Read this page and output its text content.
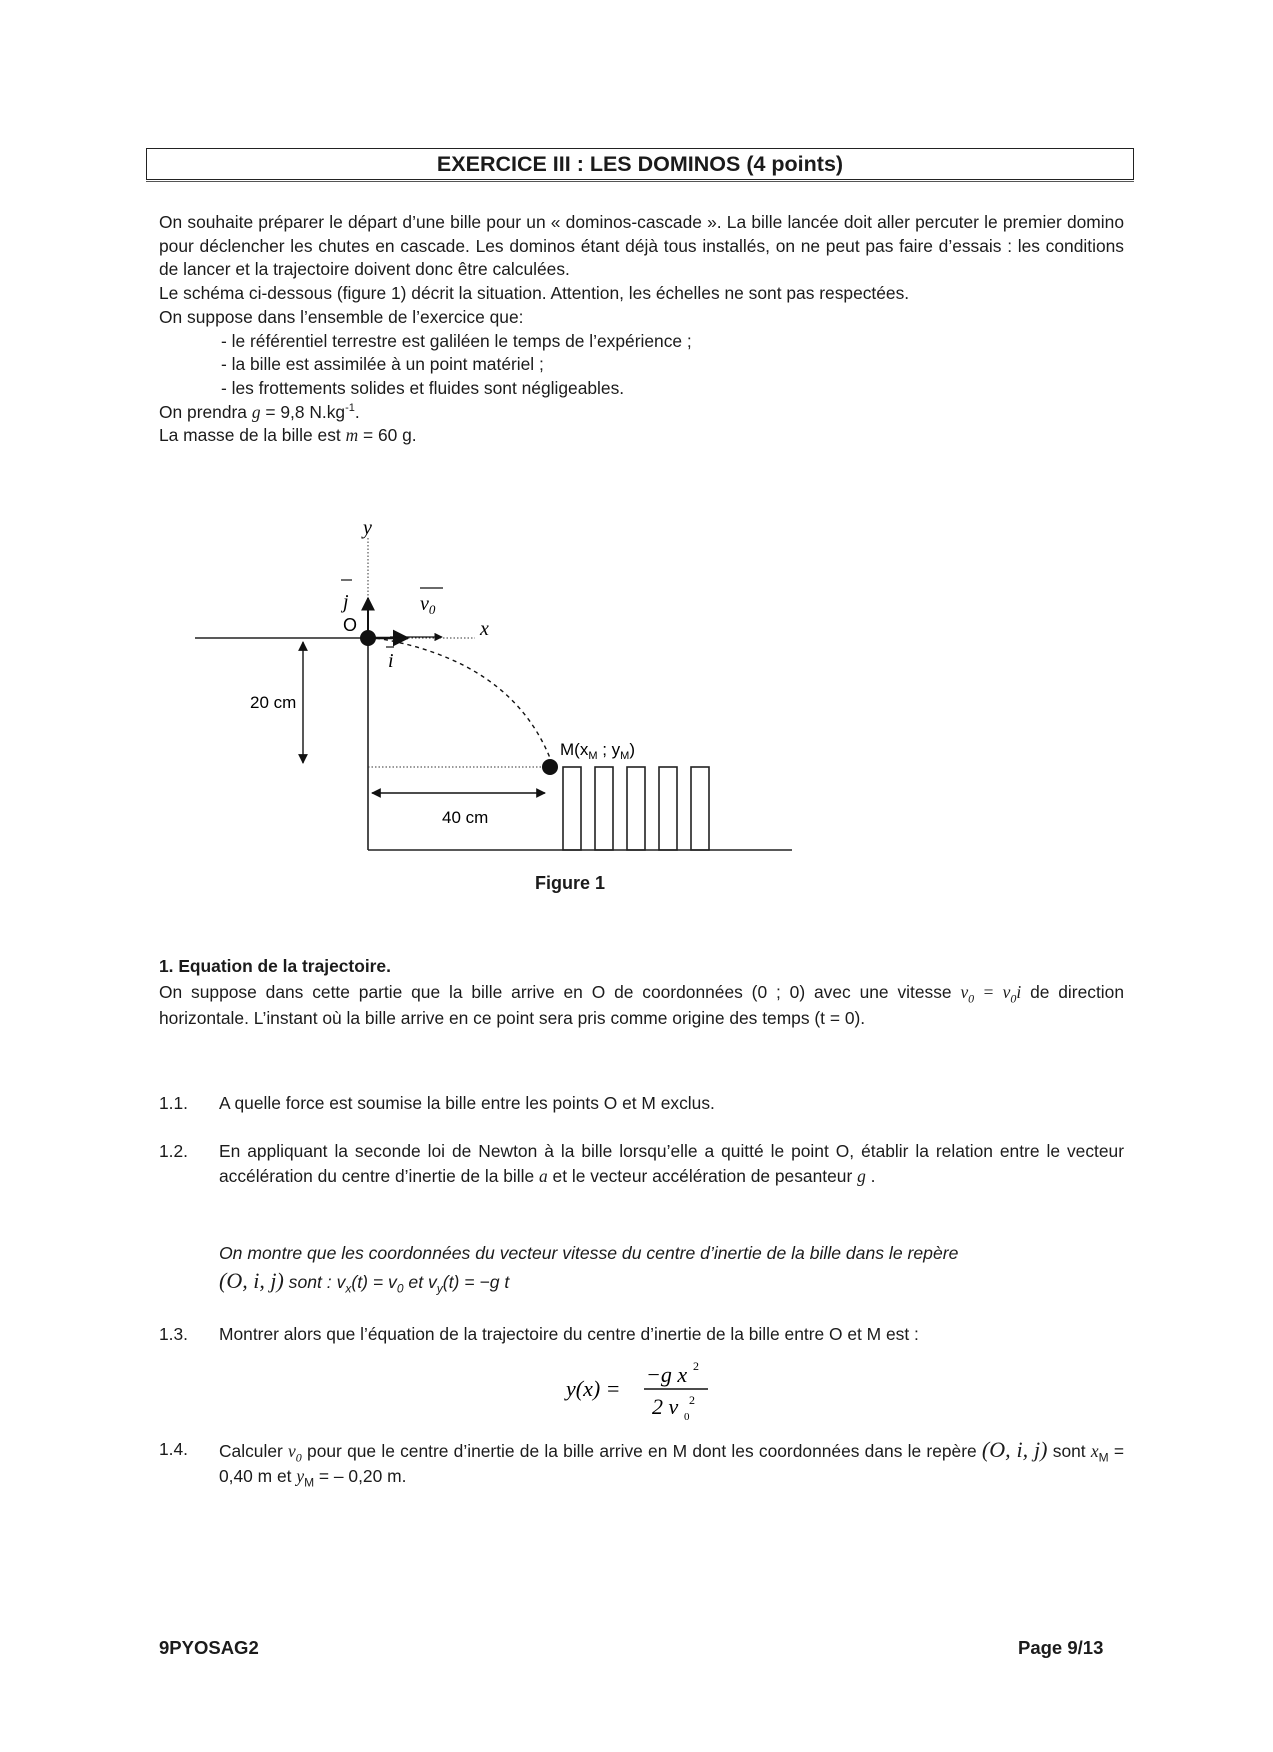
EXERCICE III : LES DOMINOS (4 points)

On souhaite préparer le départ d’une bille pour un « dominos-cascade ». La bille lancée doit aller percuter le premier domino pour déclencher les chutes en cascade. Les dominos étant déjà tous installés, on ne peut pas faire d’essais : les conditions de lancer et la trajectoire doivent donc être calculées.

Le schéma ci-dessous (figure 1) décrit la situation. Attention, les échelles ne sont pas respectées.

On suppose dans l’ensemble de l’exercice que:

- le référentiel terrestre est galiléen le temps de l’expérience ;

- la bille est assimilée à un point matériel ;

- les frottements solides et fluides sont négligeables.

On prendra g = 9,8 $N.kg^{-1}$.

La masse de la bille est m = 60 g.

y
x
j
O
i
$v_0$
20 cm
40 cm
$M(x_M$ ; $y_M$)
Figure 1
1. Equation de la trajectoire.

On suppose dans cette partie que la bille arrive en O de coordonnées (0 ; 0) avec une vitesse $v_0 = v_0i$ de direction horizontale. L’instant où la bille arrive en ce point sera pris comme origine des temps (t = 0).

1.1. A quelle force est soumise la bille entre les points O et M exclus.
1.2. En appliquant la seconde loi de Newton à la bille lorsqu’elle a quitté le point O, établir la relation entre le vecteur accélération du centre d’inertie de la bille a et le vecteur accélération de pesanteur g .
On montre que les coordonnées du vecteur vitesse du centre d’inertie de la bille dans le repère
(O, i, j) sont : $v_x(t) = v_0$ et $v_y(t) = -g$ t
1.3. Montrer alors que l’équation de la trajectoire du centre d’inertie de la bille entre O et M est :
y(x) =
−g x 2
2 v 0
2
1.4. Calculer $v_0$ pour que le centre d’inertie de la bille arrive en M dont les coordonnées dans le repère (O, i, j) sont $x_M = 0,40$ m et $y_M$ = – 0,20 m.
9PYOSAG2	Page 9/13
